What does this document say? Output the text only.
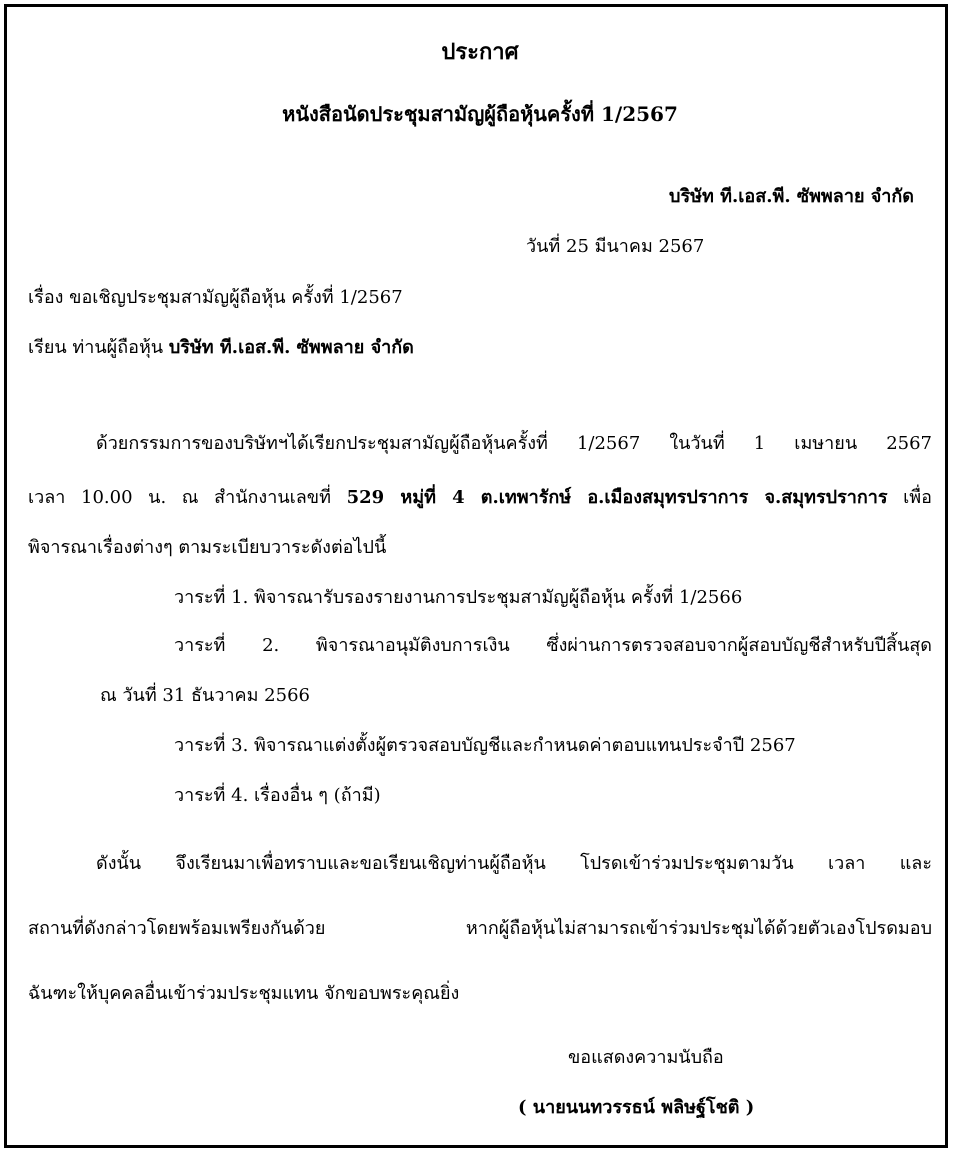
ประกาศ
หนังสือนัดประชุมสามัญผู้ถือหุ้นครั้งที่ 1/2567
บริษัท ที.เอส.พี. ซัพพลาย จำกัด
วันที่ 25 มีนาคม 2567
เรื่อง ขอเชิญประชุมสามัญผู้ถือหุ้น ครั้งที่ 1/2567
เรียน ท่านผู้ถือหุ้น บริษัท ที.เอส.พี. ซัพพลาย จำกัด
ด้วยกรรมการของบริษัทฯได้เรียกประชุมสามัญผู้ถือหุ้นครั้งที่ 1/2567 ในวันที่ 1 เมษายน 2567
เวลา 10.00 น. ณ สำนักงานเลขที่ 529 หมู่ที่ 4 ต.เทพารักษ์ อ.เมืองสมุทรปราการ จ.สมุทรปราการ เพื่อ
พิจารณาเรื่องต่างๆ ตามระเบียบวาระดังต่อไปนี้
วาระที่ 1. พิจารณารับรองรายงานการประชุมสามัญผู้ถือหุ้น ครั้งที่ 1/2566
วาระที่ 2. พิจารณาอนุมัติงบการเงิน ซึ่งผ่านการตรวจสอบจากผู้สอบบัญชีสำหรับปีสิ้นสุด
ณ วันที่ 31 ธันวาคม 2566
วาระที่ 3. พิจารณาแต่งตั้งผู้ตรวจสอบบัญชีและกำหนดค่าตอบแทนประจำปี 2567
วาระที่ 4. เรื่องอื่น ๆ (ถ้ามี)
ดังนั้น จึงเรียนมาเพื่อทราบและขอเรียนเชิญท่านผู้ถือหุ้น โปรดเข้าร่วมประชุมตามวัน เวลา และ
สถานที่ดังกล่าวโดยพร้อมเพรียงกันด้วย หากผู้ถือหุ้นไม่สามารถเข้าร่วมประชุมได้ด้วยตัวเองโปรดมอบ
ฉันฑะให้บุคคลอื่นเข้าร่วมประชุมแทน จักขอบพระคุณยิ่ง
ขอแสดงความนับถือ
( นายนนทวรรธน์ พลิษฐ์โชติ )
